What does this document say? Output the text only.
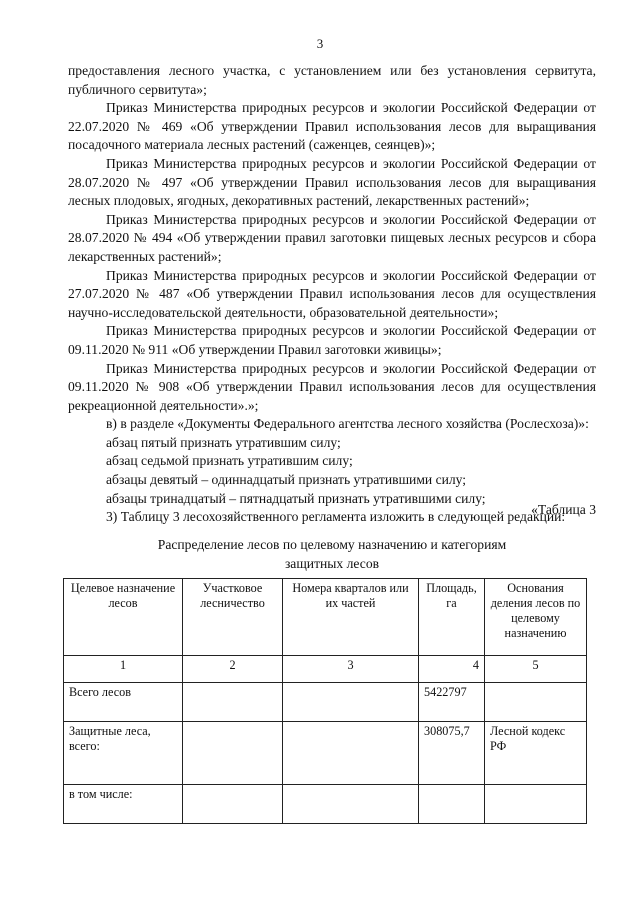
3

предоставления лесного участка, с установлением или без установления сервитута, публичного сервитута»;

Приказ Министерства природных ресурсов и экологии Российской Федерации от 22.07.2020 № 469 «Об утверждении Правил использования лесов для выращивания посадочного материала лесных растений (саженцев, сеянцев)»;

Приказ Министерства природных ресурсов и экологии Российской Федерации от 28.07.2020 № 497 «Об утверждении Правил использования лесов для выращивания лесных плодовых, ягодных, декоративных растений, лекарственных растений»;

Приказ Министерства природных ресурсов и экологии Российской Федерации от 28.07.2020 № 494 «Об утверждении правил заготовки пищевых лесных ресурсов и сбора лекарственных растений»;

Приказ Министерства природных ресурсов и экологии Российской Федерации от 27.07.2020 № 487 «Об утверждении Правил использования лесов для осуществления научно-исследовательской деятельности, образовательной деятельности»;

Приказ Министерства природных ресурсов и экологии Российской Федерации от 09.11.2020 № 911 «Об утверждении Правил заготовки живицы»;

Приказ Министерства природных ресурсов и экологии Российской Федерации от 09.11.2020 № 908 «Об утверждении Правил использования лесов для осуществления рекреационной деятельности».»;

в) в разделе «Документы Федерального агентства лесного хозяйства (Рослесхоза)»:

абзац пятый признать утратившим силу;

абзац седьмой признать утратившим силу;

абзацы девятый – одиннадцатый признать утратившими силу;

абзацы тринадцатый – пятнадцатый признать утратившими силу;

3) Таблицу 3 лесохозяйственного регламента изложить в следующей редакции:

«Таблица 3
Распределение лесов по целевому назначению и категориям
защитных лесов
Целевое назначение лесов	Участковое лесничество	Номера кварталов или их частей	Площадь, га	Основания деления лесов по целевому назначению
1	2	3	4	5
Всего лесов			5422797	
Защитные леса, всего:			308075,7	Лесной кодекс РФ
в том числе:				
